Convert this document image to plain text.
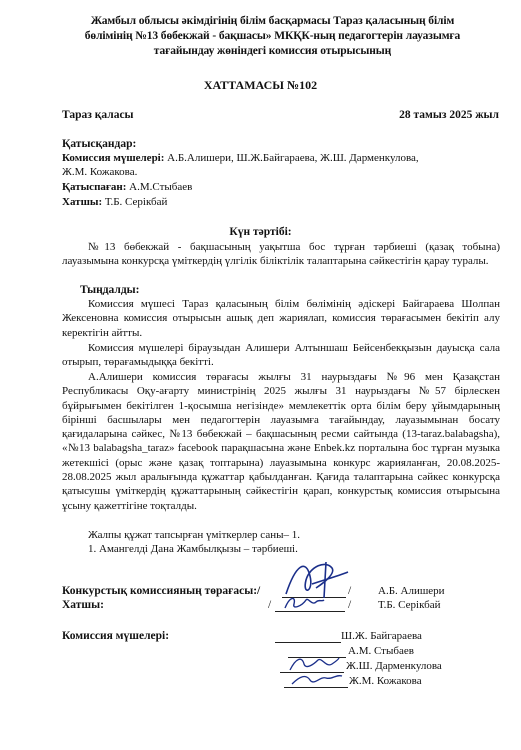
Жамбыл облысы әкімдігінің білім басқармасы Тараз қаласының білім
бөлімінің №13 бөбекжай - бақшасы» МКҚК-ның педагогтерін лауазымға
тағайындау жөніндегі комиссия отырысының
ХАТТАМАСЫ №102
Тараз қаласы	28 тамыз 2025 жыл
Қатысқандар:
Комиссия мүшелері: А.Б.Алишери, Ш.Ж.Байгараева, Ж.Ш. Дарменкулова,
Ж.М. Кожакова.
Қатыспаған: А.М.Стыбаев
Хатшы: Т.Б. Серікбай
Күн тәртібі:
№13 бөбекжай - бақшасының уақытша бос тұрған тәрбиеші (қазақ тобына) лауазымына конкурсқа үміткердің үлгілік біліктілік талаптарына сәйкестігін қарау туралы.
Тыңдалды:
Комиссия мүшесі Тараз қаласының білім бөлімінің әдіскері Байгараева Шолпан Жексеновна комиссия отырысын ашық деп жариялап, комиссия төрағасымен бекітіп алу керектігін айтты.
Комиссия мүшелері біраузыдан Алишери Алтыншаш Бейсенбекқызын дауысқа сала отырып, төрағамыдыққа бекітті.
А.Алишери комиссия төрағасы жылғы 31 наурыздағы №96 мен Қазақстан Республикасы Оқу-ағарту министрінің 2025 жылғы 31 наурыздағы №57 бірлескен бұйрығымен бекітілген 1-қосымша негізінде» мемлекеттік орта білім беру ұйымдарының бірінші басшылары мен педагогтерін лауазымға тағайындау, лауазымынан босату қағидаларына сәйкес, №13 бөбекжай – бақшасының ресми сайтында (13-taraz.balabagsha), «№13 balabagsha_taraz» facebook парақшасына және Enbek.kz порталына бос тұрған музыка жетекшісі (орыс және қазақ топтарына) лауазымына конкурс жарияланған, 20.08.2025-28.08.2025 жыл аралығында құжаттар қабылданған. Қағида талаптарына сәйкес конкурсқа қатысушы үміткердің құжаттарының сәйкестігін қарап, конкурстық комиссия отырысына ұсыну қажеттігіне тоқталды.
Жалпы құжат тапсырған үміткерлер саны– 1.
1. Амангелді Дана Жамбылқызы – тәрбиеші.
Конкурстық комиссияның төрағасы:/	/ А.Б. Алишери
Хатшы:	/	/ Т.Б. Серікбай
Комиссия мүшелері:	Ш.Ж. Байгараева
А.М. Стыбаев
Ж.Ш. Дарменкулова
Ж.М. Кожакова
